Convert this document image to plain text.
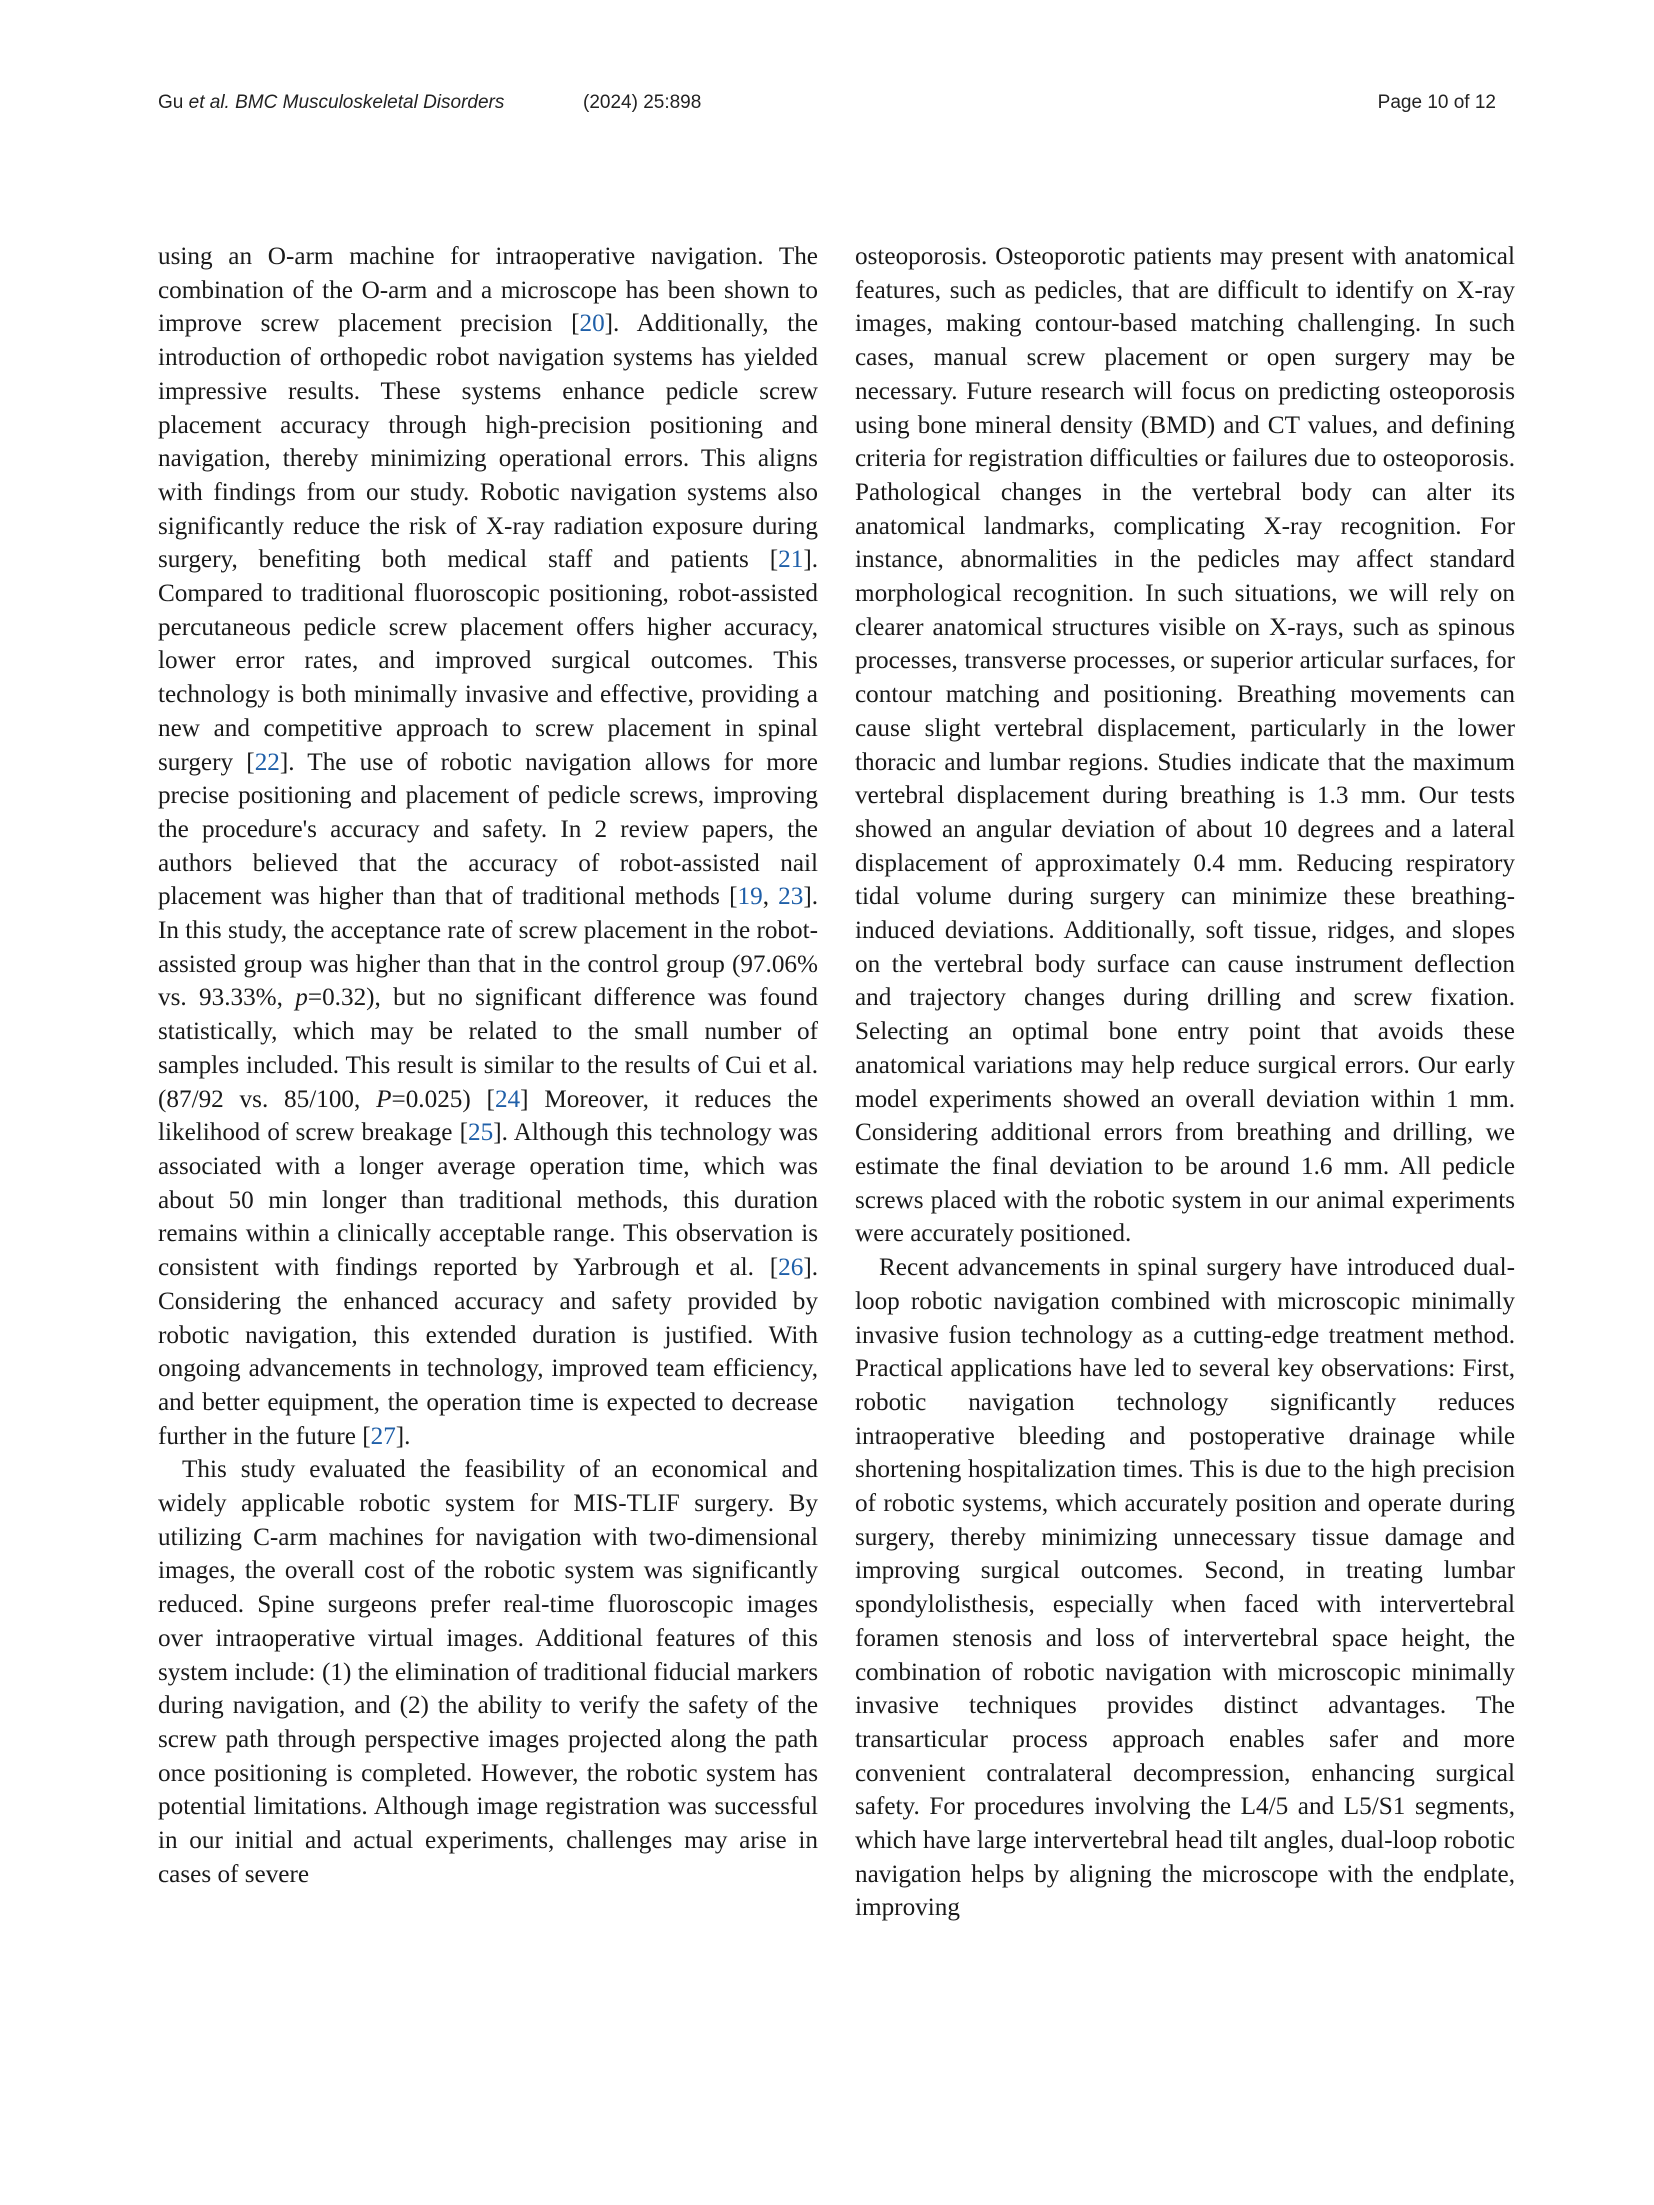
Gu et al. BMC Musculoskeletal Disorders	(2024) 25:898	Page 10 of 12

using an O-arm machine for intraoperative navigation. The combination of the O-arm and a microscope has been shown to improve screw placement precision [20]. Additionally, the introduction of orthopedic robot navigation systems has yielded impressive results. These systems enhance pedicle screw placement accuracy through high-precision positioning and navigation, thereby minimizing operational errors. This aligns with findings from our study. Robotic navigation systems also significantly reduce the risk of X-ray radiation exposure during surgery, benefiting both medical staff and patients [21]. Compared to traditional fluoroscopic positioning, robot-assisted percutaneous pedicle screw placement offers higher accuracy, lower error rates, and improved surgical outcomes. This technology is both minimally invasive and effective, providing a new and competitive approach to screw placement in spinal surgery [22]. The use of robotic navigation allows for more precise positioning and placement of pedicle screws, improving the procedure's accuracy and safety. In 2 review papers, the authors believed that the accuracy of robot-assisted nail placement was higher than that of traditional methods [19, 23]. In this study, the acceptance rate of screw placement in the robot-assisted group was higher than that in the control group (97.06% vs. 93.33%, p=0.32), but no significant difference was found statistically, which may be related to the small number of samples included. This result is similar to the results of Cui et al. (87/92 vs. 85/100, P=0.025) [24] Moreover, it reduces the likelihood of screw breakage [25]. Although this technology was associated with a longer average operation time, which was about 50 min longer than traditional methods, this duration remains within a clinically acceptable range. This observation is consistent with findings reported by Yarbrough et al. [26]. Considering the enhanced accuracy and safety provided by robotic navigation, this extended duration is justified. With ongoing advancements in technology, improved team efficiency, and better equipment, the operation time is expected to decrease further in the future [27].

This study evaluated the feasibility of an economical and widely applicable robotic system for MIS-TLIF surgery. By utilizing C-arm machines for navigation with two-dimensional images, the overall cost of the robotic system was significantly reduced. Spine surgeons prefer real-time fluoroscopic images over intraoperative virtual images. Additional features of this system include: (1) the elimination of traditional fiducial markers during navigation, and (2) the ability to verify the safety of the screw path through perspective images projected along the path once positioning is completed. However, the robotic system has potential limitations. Although image registration was successful in our initial and actual experiments, challenges may arise in cases of severe

osteoporosis. Osteoporotic patients may present with anatomical features, such as pedicles, that are difficult to identify on X-ray images, making contour-based matching challenging. In such cases, manual screw placement or open surgery may be necessary. Future research will focus on predicting osteoporosis using bone mineral density (BMD) and CT values, and defining criteria for registration difficulties or failures due to osteoporosis. Pathological changes in the vertebral body can alter its anatomical landmarks, complicating X-ray recognition. For instance, abnormalities in the pedicles may affect standard morphological recognition. In such situations, we will rely on clearer anatomical structures visible on X-rays, such as spinous processes, transverse processes, or superior articular surfaces, for contour matching and positioning. Breathing movements can cause slight vertebral displacement, particularly in the lower thoracic and lumbar regions. Studies indicate that the maximum vertebral displacement during breathing is 1.3 mm. Our tests showed an angular deviation of about 10 degrees and a lateral displacement of approximately 0.4 mm. Reducing respiratory tidal volume during surgery can minimize these breathing-induced deviations. Additionally, soft tissue, ridges, and slopes on the vertebral body surface can cause instrument deflection and trajectory changes during drilling and screw fixation. Selecting an optimal bone entry point that avoids these anatomical variations may help reduce surgical errors. Our early model experiments showed an overall deviation within 1 mm. Considering additional errors from breathing and drilling, we estimate the final deviation to be around 1.6 mm. All pedicle screws placed with the robotic system in our animal experiments were accurately positioned.

Recent advancements in spinal surgery have introduced dual-loop robotic navigation combined with microscopic minimally invasive fusion technology as a cutting-edge treatment method. Practical applications have led to several key observations: First, robotic navigation technology significantly reduces intraoperative bleeding and postoperative drainage while shortening hospitalization times. This is due to the high precision of robotic systems, which accurately position and operate during surgery, thereby minimizing unnecessary tissue damage and improving surgical outcomes. Second, in treating lumbar spondylolisthesis, especially when faced with intervertebral foramen stenosis and loss of intervertebral space height, the combination of robotic navigation with microscopic minimally invasive techniques provides distinct advantages. The transarticular process approach enables safer and more convenient contralateral decompression, enhancing surgical safety. For procedures involving the L4/5 and L5/S1 segments, which have large intervertebral head tilt angles, dual-loop robotic navigation helps by aligning the microscope with the endplate, improving
